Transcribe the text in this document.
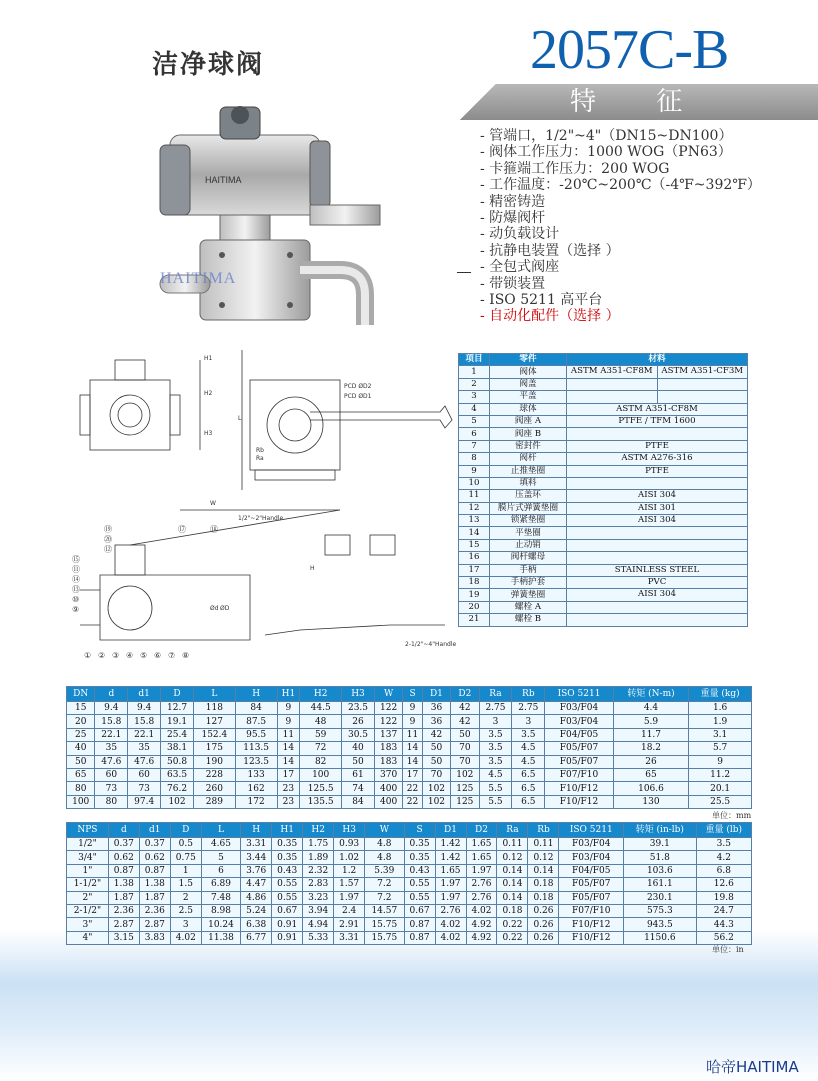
洁净球阀	2057C-B
特 征
- 管端口，1/2"~4"（DN15~DN100）
- 阀体工作压力：1000 WOG（PN63）
- 卡箍端工作压力：200 WOG
- 工作温度：-20℃~200℃（-4℉~392℉）
- 精密铸造
- 防爆阀杆
- 动负载设计
- 抗静电装置（选择 ）
- 全包式阀座
- 带锁装置
- ISO 5211 高平台
- 自动化配件（选择 ）
HAITIMA
HAITIMA
PCD ØD2
PCD ØD1
W
H
L
H1
H2
H3
Ra
Rb
ØD
Ød
1/2"~2"Handle
2-1/2"~4"Handle
⑲
⑳
⑫
⑰	⑱
⑮
⑪
⑭
⑬
⑩
⑨
① ② ③ ④ ⑤ ⑥ ⑦ ⑧
项目	零件	材料	
1	阀体	ASTM A351-CF8M	ASTM A351-CF3M
2	阀盖		
3	平盖		
4	球体	ASTM A351-CF8M	
5	阀座 A	PTFE / TFM 1600	
6	阀座 B		
7	密封件	PTFE	
8	阀杆	ASTM A276-316	
9	止推垫圈	PTFE	
10	填料		
11	压盖环	AISI 304	
12	膜片式弹簧垫圈	AISI 301	
13	锁紧垫圈	AISI 304	
14	平垫圈		
15	止动销		
16	阀杆螺母		
17	手柄	STAINLESS STEEL	
18	手柄护套	PVC	
19	弹簧垫圈	AISI 304	
20	螺栓 A		
21	螺栓 B		
DN	d	d1	D	L	H	H1	H2	H3	W	S	D1	D2	Ra	Rb	ISO 5211	转矩 (N-m)	重量 (kg)
15	9.4	9.4	12.7	118	84	9	44.5	23.5	122	9	36	42	2.75	2.75	F03/F04	4.4	1.6
20	15.8	15.8	19.1	127	87.5	9	48	26	122	9	36	42	3	3	F03/F04	5.9	1.9
25	22.1	22.1	25.4	152.4	95.5	11	59	30.5	137	11	42	50	3.5	3.5	F04/F05	11.7	3.1
40	35	35	38.1	175	113.5	14	72	40	183	14	50	70	3.5	4.5	F05/F07	18.2	5.7
50	47.6	47.6	50.8	190	123.5	14	82	50	183	14	50	70	3.5	4.5	F05/F07	26	9
65	60	60	63.5	228	133	17	100	61	370	17	70	102	4.5	6.5	F07/F10	65	11.2
80	73	73	76.2	260	162	23	125.5	74	400	22	102	125	5.5	6.5	F10/F12	106.6	20.1
100	80	97.4	102	289	172	23	135.5	84	400	22	102	125	5.5	6.5	F10/F12	130	25.5
单位：mm
NPS	d	d1	D	L	H	H1	H2	H3	W	S	D1	D2	Ra	Rb	ISO 5211	转矩 (in-lb)	重量 (lb)
1/2"	0.37	0.37	0.5	4.65	3.31	0.35	1.75	0.93	4.8	0.35	1.42	1.65	0.11	0.11	F03/F04	39.1	3.5
3/4"	0.62	0.62	0.75	5	3.44	0.35	1.89	1.02	4.8	0.35	1.42	1.65	0.12	0.12	F03/F04	51.8	4.2
1"	0.87	0.87	1	6	3.76	0.43	2.32	1.2	5.39	0.43	1.65	1.97	0.14	0.14	F04/F05	103.6	6.8
1-1/2"	1.38	1.38	1.5	6.89	4.47	0.55	2.83	1.57	7.2	0.55	1.97	2.76	0.14	0.18	F05/F07	161.1	12.6
2"	1.87	1.87	2	7.48	4.86	0.55	3.23	1.97	7.2	0.55	1.97	2.76	0.14	0.18	F05/F07	230.1	19.8
2-1/2"	2.36	2.36	2.5	8.98	5.24	0.67	3.94	2.4	14.57	0.67	2.76	4.02	0.18	0.26	F07/F10	575.3	24.7
3"	2.87	2.87	3	10.24	6.38	0.91	4.94	2.91	15.75	0.87	4.02	4.92	0.22	0.26	F10/F12	943.5	44.3
4"	3.15	3.83	4.02	11.38	6.77	0.91	5.33	3.31	15.75	0.87	4.02	4.92	0.22	0.26	F10/F12	1150.6	56.2
单位：in
哈帝HAITIMA
